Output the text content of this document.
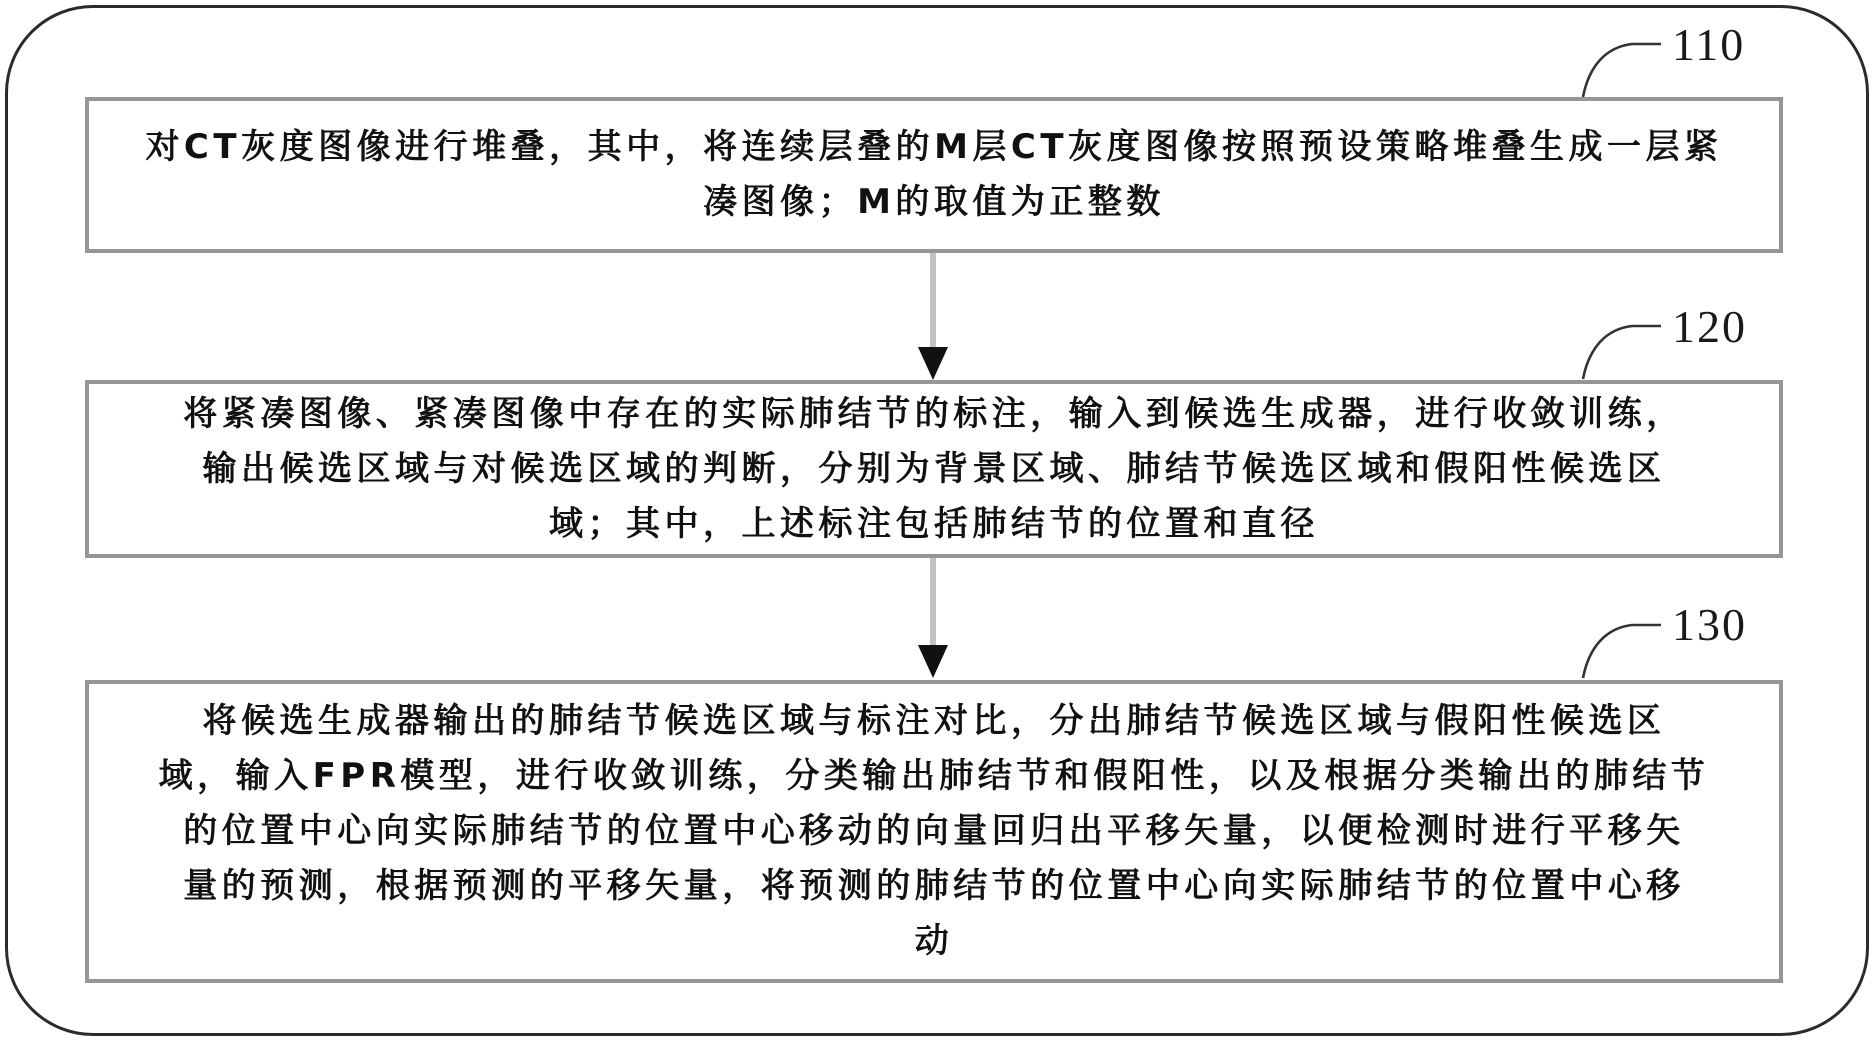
110
对CT灰度图像进行堆叠，其中，将连续层叠的M层CT灰度图像按照预设策略堆叠生成一层紧
凑图像；M的取值为正整数
120
将紧凑图像、紧凑图像中存在的实际肺结节的标注，输入到候选生成器，进行收敛训练，
输出候选区域与对候选区域的判断，分别为背景区域、肺结节候选区域和假阳性候选区
域；其中，上述标注包括肺结节的位置和直径
130
将候选生成器输出的肺结节候选区域与标注对比，分出肺结节候选区域与假阳性候选区
域，输入FPR模型，进行收敛训练，分类输出肺结节和假阳性，以及根据分类输出的肺结节
的位置中心向实际肺结节的位置中心移动的向量回归出平移矢量，以便检测时进行平移矢
量的预测，根据预测的平移矢量，将预测的肺结节的位置中心向实际肺结节的位置中心移
动
